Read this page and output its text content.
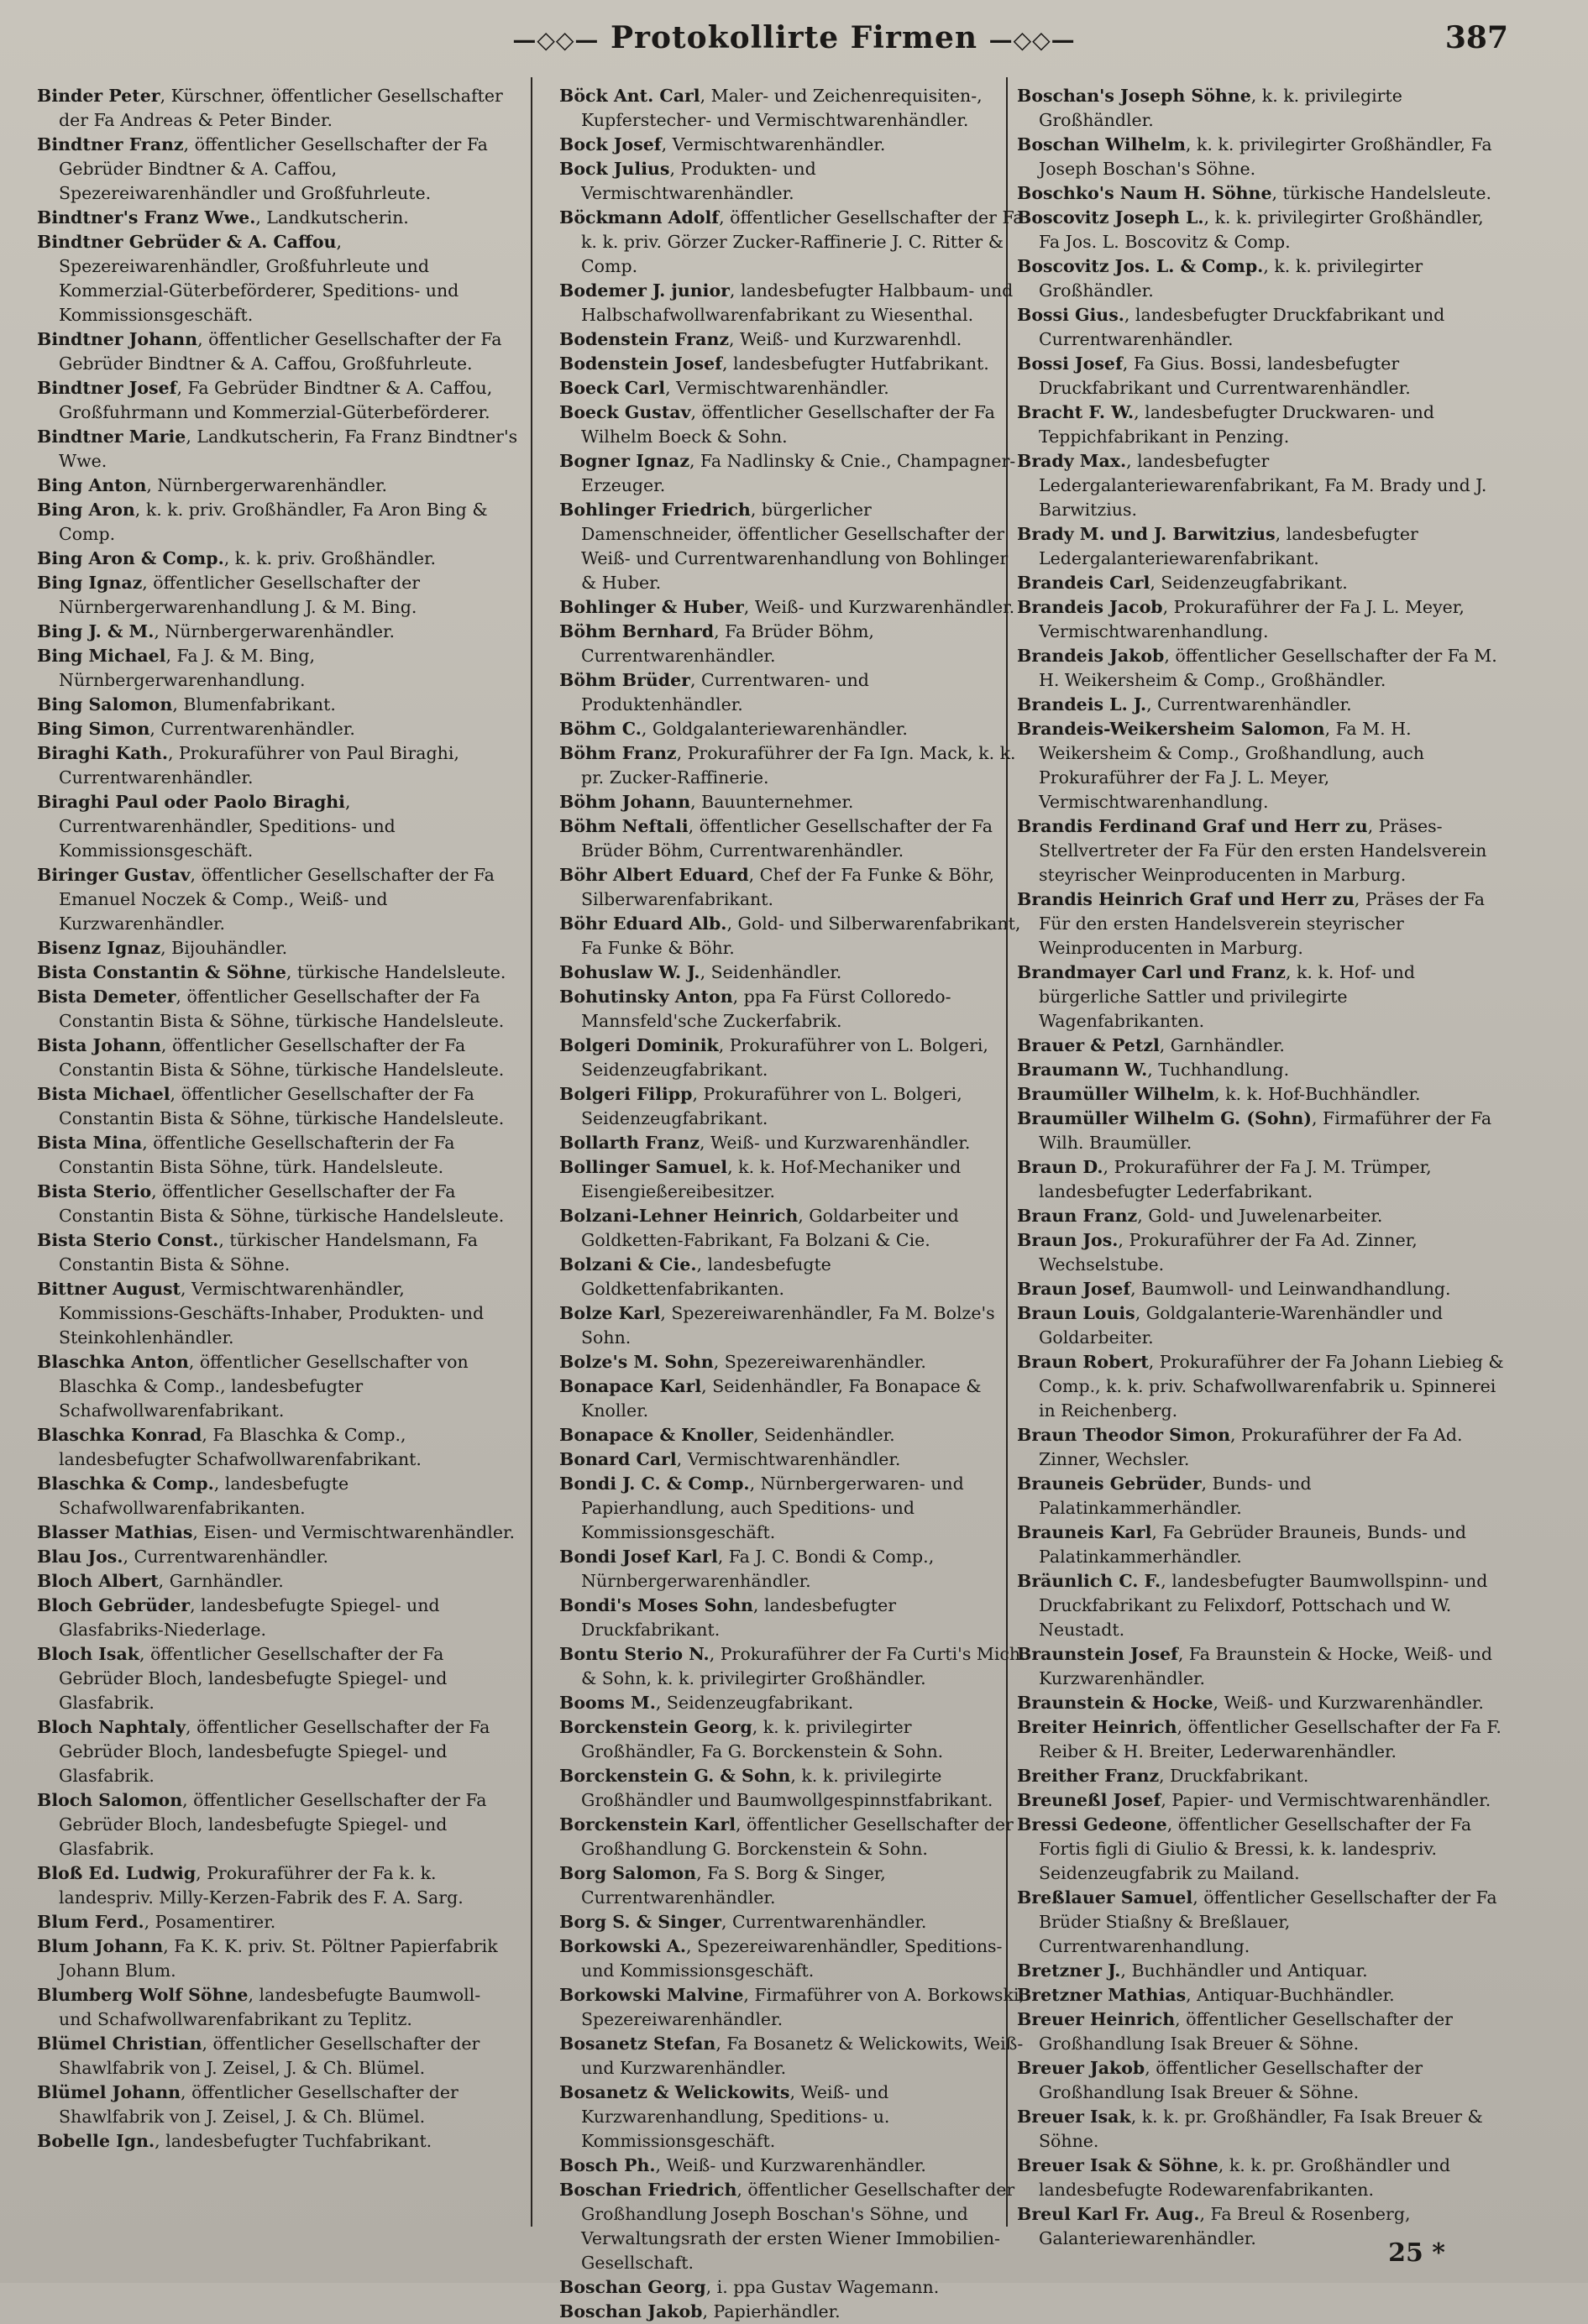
—◇◇— Protokollirte Firmen —◇◇—	387

Binder Peter, Kürschner, öffentlicher Gesellschafter der Fa Andreas & Peter Binder.

Bindtner Franz, öffentlicher Gesellschafter der Fa Gebrüder Bindtner & A. Caffou, Spezereiwarenhändler und Großfuhrleute.

Bindtner's Franz Wwe., Landkutscherin.

Bindtner Gebrüder & A. Caffou, Spezereiwarenhändler, Großfuhrleute und Kommerzial-Güterbeförderer, Speditions- und Kommissionsgeschäft.

Bindtner Johann, öffentlicher Gesellschafter der Fa Gebrüder Bindtner & A. Caffou, Großfuhrleute.

Bindtner Josef, Fa Gebrüder Bindtner & A. Caffou, Großfuhrmann und Kommerzial-Güterbeförderer.

Bindtner Marie, Landkutscherin, Fa Franz Bindtner's Wwe.

Bing Anton, Nürnbergerwarenhändler.

Bing Aron, k. k. priv. Großhändler, Fa Aron Bing & Comp.

Bing Aron & Comp., k. k. priv. Großhändler.

Bing Ignaz, öffentlicher Gesellschafter der Nürnbergerwarenhandlung J. & M. Bing.

Bing J. & M., Nürnbergerwarenhändler.

Bing Michael, Fa J. & M. Bing, Nürnbergerwarenhandlung.

Bing Salomon, Blumenfabrikant.

Bing Simon, Currentwarenhändler.

Biraghi Kath., Prokuraführer von Paul Biraghi, Currentwarenhändler.

Biraghi Paul oder Paolo Biraghi, Currentwarenhändler, Speditions- und Kommissionsgeschäft.

Biringer Gustav, öffentlicher Gesellschafter der Fa Emanuel Noczek & Comp., Weiß- und Kurzwarenhändler.

Bisenz Ignaz, Bijouhändler.

Bista Constantin & Söhne, türkische Handelsleute.

Bista Demeter, öffentlicher Gesellschafter der Fa Constantin Bista & Söhne, türkische Handelsleute.

Bista Johann, öffentlicher Gesellschafter der Fa Constantin Bista & Söhne, türkische Handelsleute.

Bista Michael, öffentlicher Gesellschafter der Fa Constantin Bista & Söhne, türkische Handelsleute.

Bista Mina, öffentliche Gesellschafterin der Fa Constantin Bista Söhne, türk. Handelsleute.

Bista Sterio, öffentlicher Gesellschafter der Fa Constantin Bista & Söhne, türkische Handelsleute.

Bista Sterio Const., türkischer Handelsmann, Fa Constantin Bista & Söhne.

Bittner August, Vermischtwarenhändler, Kommissions-Geschäfts-Inhaber, Produkten- und Steinkohlenhändler.

Blaschka Anton, öffentlicher Gesellschafter von Blaschka & Comp., landesbefugter Schafwollwarenfabrikant.

Blaschka Konrad, Fa Blaschka & Comp., landesbefugter Schafwollwarenfabrikant.

Blaschka & Comp., landesbefugte Schafwollwarenfabrikanten.

Blasser Mathias, Eisen- und Vermischtwarenhändler.

Blau Jos., Currentwarenhändler.

Bloch Albert, Garnhändler.

Bloch Gebrüder, landesbefugte Spiegel- und Glasfabriks-Niederlage.

Bloch Isak, öffentlicher Gesellschafter der Fa Gebrüder Bloch, landesbefugte Spiegel- und Glasfabrik.

Bloch Naphtaly, öffentlicher Gesellschafter der Fa Gebrüder Bloch, landesbefugte Spiegel- und Glasfabrik.

Bloch Salomon, öffentlicher Gesellschafter der Fa Gebrüder Bloch, landesbefugte Spiegel- und Glasfabrik.

Bloß Ed. Ludwig, Prokuraführer der Fa k. k. landespriv. Milly-Kerzen-Fabrik des F. A. Sarg.

Blum Ferd., Posamentirer.

Blum Johann, Fa K. K. priv. St. Pöltner Papierfabrik Johann Blum.

Blumberg Wolf Söhne, landesbefugte Baumwoll- und Schafwollwarenfabrikant zu Teplitz.

Blümel Christian, öffentlicher Gesellschafter der Shawlfabrik von J. Zeisel, J. & Ch. Blümel.

Blümel Johann, öffentlicher Gesellschafter der Shawlfabrik von J. Zeisel, J. & Ch. Blümel.

Bobelle Ign., landesbefugter Tuchfabrikant.

Böck Ant. Carl, Maler- und Zeichenrequisiten-, Kupferstecher- und Vermischtwarenhändler.

Bock Josef, Vermischtwarenhändler.

Bock Julius, Produkten- und Vermischtwarenhändler.

Böckmann Adolf, öffentlicher Gesellschafter der Fa k. k. priv. Görzer Zucker-Raffinerie J. C. Ritter & Comp.

Bodemer J. junior, landesbefugter Halbbaum- und Halbschafwollwarenfabrikant zu Wiesenthal.

Bodenstein Franz, Weiß- und Kurzwarenhdl.

Bodenstein Josef, landesbefugter Hutfabrikant.

Boeck Carl, Vermischtwarenhändler.

Boeck Gustav, öffentlicher Gesellschafter der Fa Wilhelm Boeck & Sohn.

Bogner Ignaz, Fa Nadlinsky & Cnie., Champagner-Erzeuger.

Bohlinger Friedrich, bürgerlicher Damenschneider, öffentlicher Gesellschafter der Weiß- und Currentwarenhandlung von Bohlinger & Huber.

Bohlinger & Huber, Weiß- und Kurzwarenhändler.

Böhm Bernhard, Fa Brüder Böhm, Currentwarenhändler.

Böhm Brüder, Currentwaren- und Produktenhändler.

Böhm C., Goldgalanteriewarenhändler.

Böhm Franz, Prokuraführer der Fa Ign. Mack, k. k. pr. Zucker-Raffinerie.

Böhm Johann, Bauunternehmer.

Böhm Neftali, öffentlicher Gesellschafter der Fa Brüder Böhm, Currentwarenhändler.

Böhr Albert Eduard, Chef der Fa Funke & Böhr, Silberwarenfabrikant.

Böhr Eduard Alb., Gold- und Silberwarenfabrikant, Fa Funke & Böhr.

Bohuslaw W. J., Seidenhändler.

Bohutinsky Anton, ppa Fa Fürst Colloredo-Mannsfeld'sche Zuckerfabrik.

Bolgeri Dominik, Prokuraführer von L. Bolgeri, Seidenzeugfabrikant.

Bolgeri Filipp, Prokuraführer von L. Bolgeri, Seidenzeugfabrikant.

Bollarth Franz, Weiß- und Kurzwarenhändler.

Bollinger Samuel, k. k. Hof-Mechaniker und Eisengießereibesitzer.

Bolzani-Lehner Heinrich, Goldarbeiter und Goldketten-Fabrikant, Fa Bolzani & Cie.

Bolzani & Cie., landesbefugte Goldkettenfabrikanten.

Bolze Karl, Spezereiwarenhändler, Fa M. Bolze's Sohn.

Bolze's M. Sohn, Spezereiwarenhändler.

Bonapace Karl, Seidenhändler, Fa Bonapace & Knoller.

Bonapace & Knoller, Seidenhändler.

Bonard Carl, Vermischtwarenhändler.

Bondi J. C. & Comp., Nürnbergerwaren- und Papierhandlung, auch Speditions- und Kommissionsgeschäft.

Bondi Josef Karl, Fa J. C. Bondi & Comp., Nürnbergerwarenhändler.

Bondi's Moses Sohn, landesbefugter Druckfabrikant.

Bontu Sterio N., Prokuraführer der Fa Curti's Mich. & Sohn, k. k. privilegirter Großhändler.

Booms M., Seidenzeugfabrikant.

Borckenstein Georg, k. k. privilegirter Großhändler, Fa G. Borckenstein & Sohn.

Borckenstein G. & Sohn, k. k. privilegirte Großhändler und Baumwollgespinnstfabrikant.

Borckenstein Karl, öffentlicher Gesellschafter der Großhandlung G. Borckenstein & Sohn.

Borg Salomon, Fa S. Borg & Singer, Currentwarenhändler.

Borg S. & Singer, Currentwarenhändler.

Borkowski A., Spezereiwarenhändler, Speditions- und Kommissionsgeschäft.

Borkowski Malvine, Firmaführer von A. Borkowski, Spezereiwarenhändler.

Bosanetz Stefan, Fa Bosanetz & Welickowits, Weiß- und Kurzwarenhändler.

Bosanetz & Welickowits, Weiß- und Kurzwarenhandlung, Speditions- u. Kommissionsgeschäft.

Bosch Ph., Weiß- und Kurzwarenhändler.

Boschan Friedrich, öffentlicher Gesellschafter der Großhandlung Joseph Boschan's Söhne, und Verwaltungsrath der ersten Wiener Immobilien-Gesellschaft.

Boschan Georg, i. ppa Gustav Wagemann.

Boschan Jakob, Papierhändler.

Boschan's Joseph Söhne, k. k. privilegirte Großhändler.

Boschan Wilhelm, k. k. privilegirter Großhändler, Fa Joseph Boschan's Söhne.

Boschko's Naum H. Söhne, türkische Handelsleute.

Boscovitz Joseph L., k. k. privilegirter Großhändler, Fa Jos. L. Boscovitz & Comp.

Boscovitz Jos. L. & Comp., k. k. privilegirter Großhändler.

Bossi Gius., landesbefugter Druckfabrikant und Currentwarenhändler.

Bossi Josef, Fa Gius. Bossi, landesbefugter Druckfabrikant und Currentwarenhändler.

Bracht F. W., landesbefugter Druckwaren- und Teppichfabrikant in Penzing.

Brady Max., landesbefugter Ledergalanteriewarenfabrikant, Fa M. Brady und J. Barwitzius.

Brady M. und J. Barwitzius, landesbefugter Ledergalanteriewarenfabrikant.

Brandeis Carl, Seidenzeugfabrikant.

Brandeis Jacob, Prokuraführer der Fa J. L. Meyer, Vermischtwarenhandlung.

Brandeis Jakob, öffentlicher Gesellschafter der Fa M. H. Weikersheim & Comp., Großhändler.

Brandeis L. J., Currentwarenhändler.

Brandeis-Weikersheim Salomon, Fa M. H. Weikersheim & Comp., Großhandlung, auch Prokuraführer der Fa J. L. Meyer, Vermischtwarenhandlung.

Brandis Ferdinand Graf und Herr zu, Präses-Stellvertreter der Fa Für den ersten Handelsverein steyrischer Weinproducenten in Marburg.

Brandis Heinrich Graf und Herr zu, Präses der Fa Für den ersten Handelsverein steyrischer Weinproducenten in Marburg.

Brandmayer Carl und Franz, k. k. Hof- und bürgerliche Sattler und privilegirte Wagenfabrikanten.

Brauer & Petzl, Garnhändler.

Braumann W., Tuchhandlung.

Braumüller Wilhelm, k. k. Hof-Buchhändler.

Braumüller Wilhelm G. (Sohn), Firmaführer der Fa Wilh. Braumüller.

Braun D., Prokuraführer der Fa J. M. Trümper, landesbefugter Lederfabrikant.

Braun Franz, Gold- und Juwelenarbeiter.

Braun Jos., Prokuraführer der Fa Ad. Zinner, Wechselstube.

Braun Josef, Baumwoll- und Leinwandhandlung.

Braun Louis, Goldgalanterie-Warenhändler und Goldarbeiter.

Braun Robert, Prokuraführer der Fa Johann Liebieg & Comp., k. k. priv. Schafwollwarenfabrik u. Spinnerei in Reichenberg.

Braun Theodor Simon, Prokuraführer der Fa Ad. Zinner, Wechsler.

Brauneis Gebrüder, Bunds- und Palatinkammerhändler.

Brauneis Karl, Fa Gebrüder Brauneis, Bunds- und Palatinkammerhändler.

Bräunlich C. F., landesbefugter Baumwollspinn- und Druckfabrikant zu Felixdorf, Pottschach und W. Neustadt.

Braunstein Josef, Fa Braunstein & Hocke, Weiß- und Kurzwarenhändler.

Braunstein & Hocke, Weiß- und Kurzwarenhändler.

Breiter Heinrich, öffentlicher Gesellschafter der Fa F. Reiber & H. Breiter, Lederwarenhändler.

Breither Franz, Druckfabrikant.

Breuneßl Josef, Papier- und Vermischtwarenhändler.

Bressi Gedeone, öffentlicher Gesellschafter der Fa Fortis figli di Giulio & Bressi, k. k. landespriv. Seidenzeugfabrik zu Mailand.

Breßlauer Samuel, öffentlicher Gesellschafter der Fa Brüder Stiaßny & Breßlauer, Currentwarenhandlung.

Bretzner J., Buchhändler und Antiquar.

Bretzner Mathias, Antiquar-Buchhändler.

Breuer Heinrich, öffentlicher Gesellschafter der Großhandlung Isak Breuer & Söhne.

Breuer Jakob, öffentlicher Gesellschafter der Großhandlung Isak Breuer & Söhne.

Breuer Isak, k. k. pr. Großhändler, Fa Isak Breuer & Söhne.

Breuer Isak & Söhne, k. k. pr. Großhändler und landesbefugte Rodewarenfabrikanten.

Breul Karl Fr. Aug., Fa Breul & Rosenberg, Galanteriewarenhändler.	25 *
